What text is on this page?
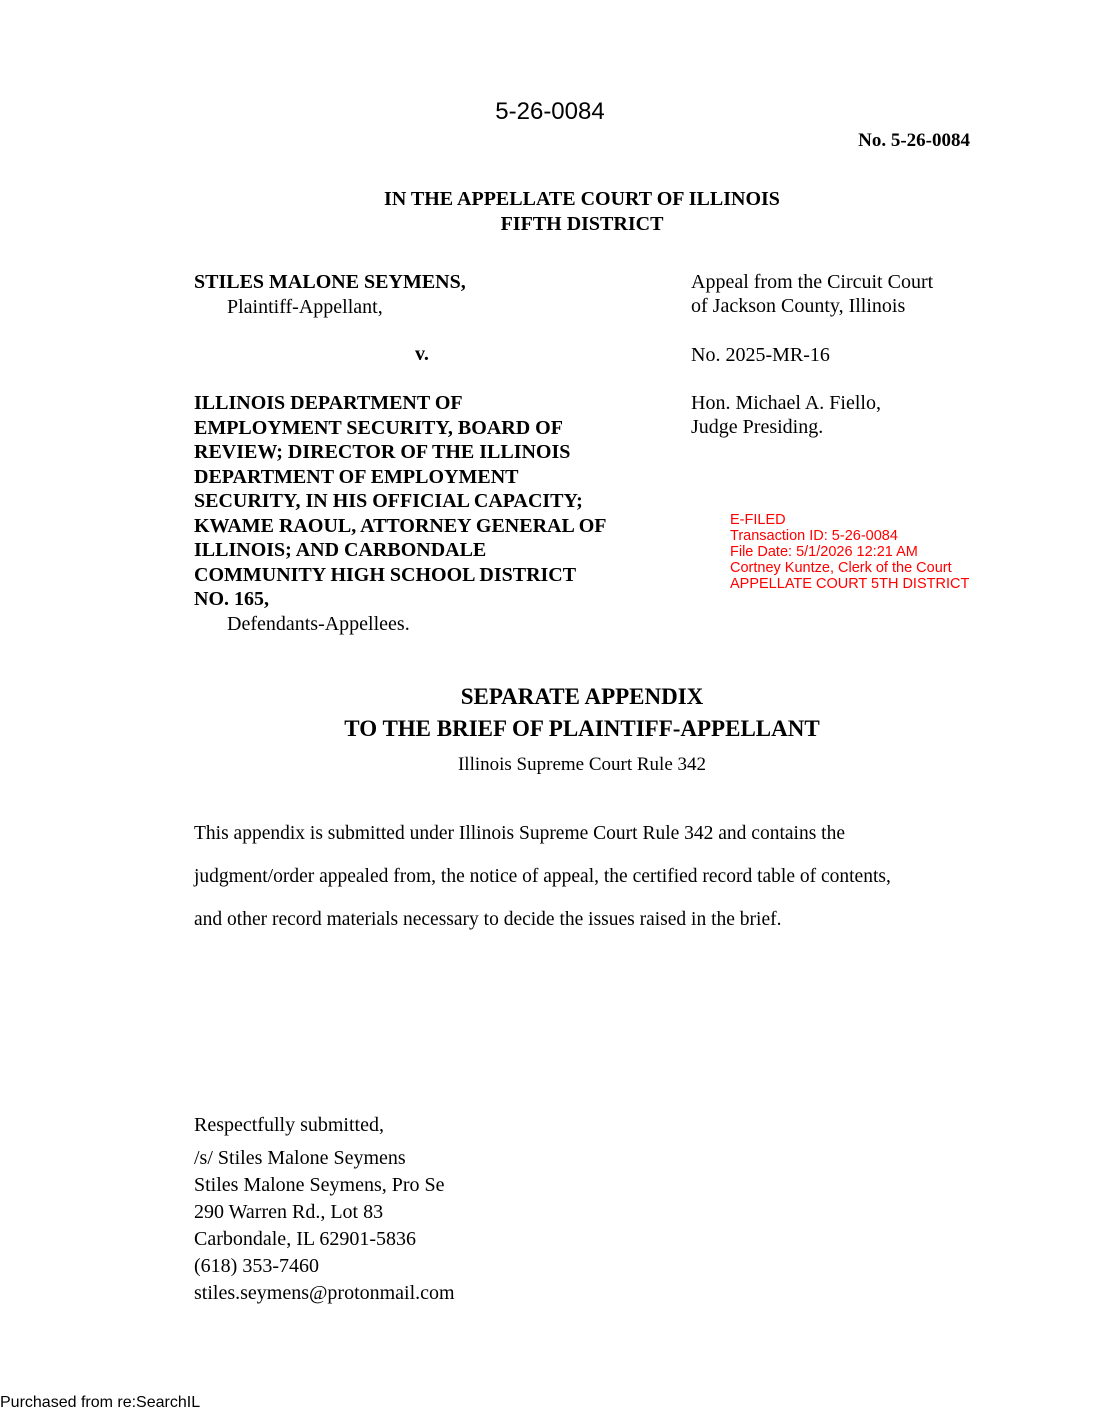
5-26-0084
No. 5-26-0084
IN THE APPELLATE COURT OF ILLINOIS
FIFTH DISTRICT
STILES MALONE SEYMENS,
Plaintiff-Appellant,
v.
ILLINOIS DEPARTMENT OF
EMPLOYMENT SECURITY, BOARD OF
REVIEW; DIRECTOR OF THE ILLINOIS
DEPARTMENT OF EMPLOYMENT
SECURITY, IN HIS OFFICIAL CAPACITY;
KWAME RAOUL, ATTORNEY GENERAL OF
ILLINOIS; AND CARBONDALE
COMMUNITY HIGH SCHOOL DISTRICT
NO. 165,
Defendants-Appellees.
Appeal from the Circuit Court
of Jackson County, Illinois
No. 2025-MR-16
Hon. Michael A. Fiello,
Judge Presiding.
E-FILED
Transaction ID: 5-26-0084
File Date: 5/1/2026 12:21 AM
Cortney Kuntze, Clerk of the Court
APPELLATE COURT 5TH DISTRICT
SEPARATE APPENDIX
TO THE BRIEF OF PLAINTIFF-APPELLANT
Illinois Supreme Court Rule 342
This appendix is submitted under Illinois Supreme Court Rule 342 and contains the
judgment/order appealed from, the notice of appeal, the certified record table of contents,
and other record materials necessary to decide the issues raised in the brief.
Respectfully submitted,
/s/ Stiles Malone Seymens
Stiles Malone Seymens, Pro Se
290 Warren Rd., Lot 83
Carbondale, IL 62901-5836
(618) 353-7460
stiles.seymens@protonmail.com
Purchased from re:SearchIL
